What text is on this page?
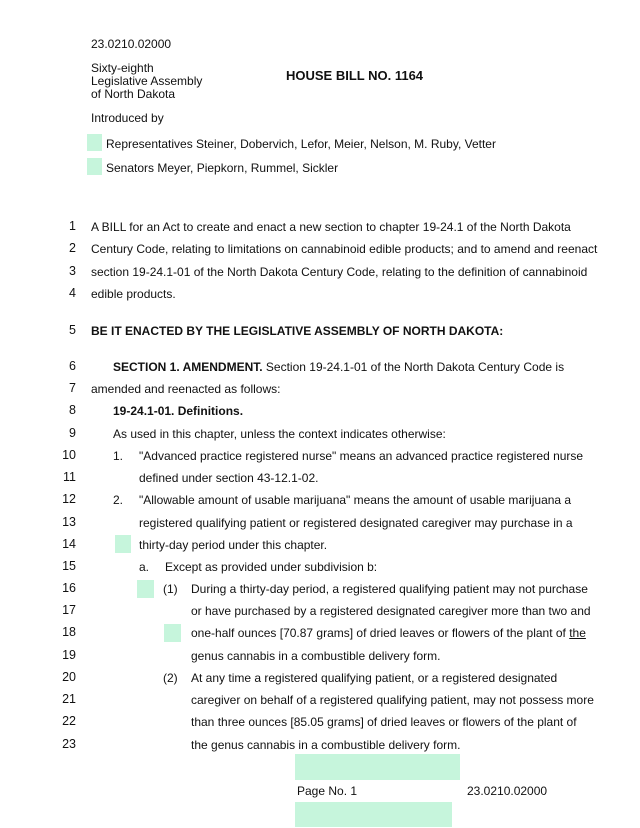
23.0210.02000
Sixty-eighth
Legislative Assembly
of North Dakota
HOUSE BILL NO. 1164
Introduced by
Representatives Steiner, Dobervich, Lefor, Meier, Nelson, M. Ruby, Vetter
Senators Meyer, Piepkorn, Rummel, Sickler
1 A BILL for an Act to create and enact a new section to chapter 19-24.1 of the North Dakota
2 Century Code, relating to limitations on cannabinoid edible products; and to amend and reenact
3 section 19-24.1-01 of the North Dakota Century Code, relating to the definition of cannabinoid
4 edible products.
5 BE IT ENACTED BY THE LEGISLATIVE ASSEMBLY OF NORTH DAKOTA:
6	SECTION 1. AMENDMENT. Section 19-24.1-01 of the North Dakota Century Code is
7 amended and reenacted as follows:
8	19-24.1-01. Definitions.
9	As used in this chapter, unless the context indicates otherwise:
10	1. "Advanced practice registered nurse" means an advanced practice registered nurse
11	defined under section 43-12.1-02.
12	2. "Allowable amount of usable marijuana" means the amount of usable marijuana a
13	registered qualifying patient or registered designated caregiver may purchase in a
14	thirty-day period under this chapter.
15	a. Except as provided under subdivision b:
16	(1) During a thirty-day period, a registered qualifying patient may not purchase
17	or have purchased by a registered designated caregiver more than two and
18	one-half ounces [70.87 grams] of dried leaves or flowers of the plant of the
19	genus cannabis in a combustible delivery form.
20	(2) At any time a registered qualifying patient, or a registered designated
21	caregiver on behalf of a registered qualifying patient, may not possess more
22	than three ounces [85.05 grams] of dried leaves or flowers of the plant of
23	the genus cannabis in a combustible delivery form.
Page No. 1	23.0210.02000
